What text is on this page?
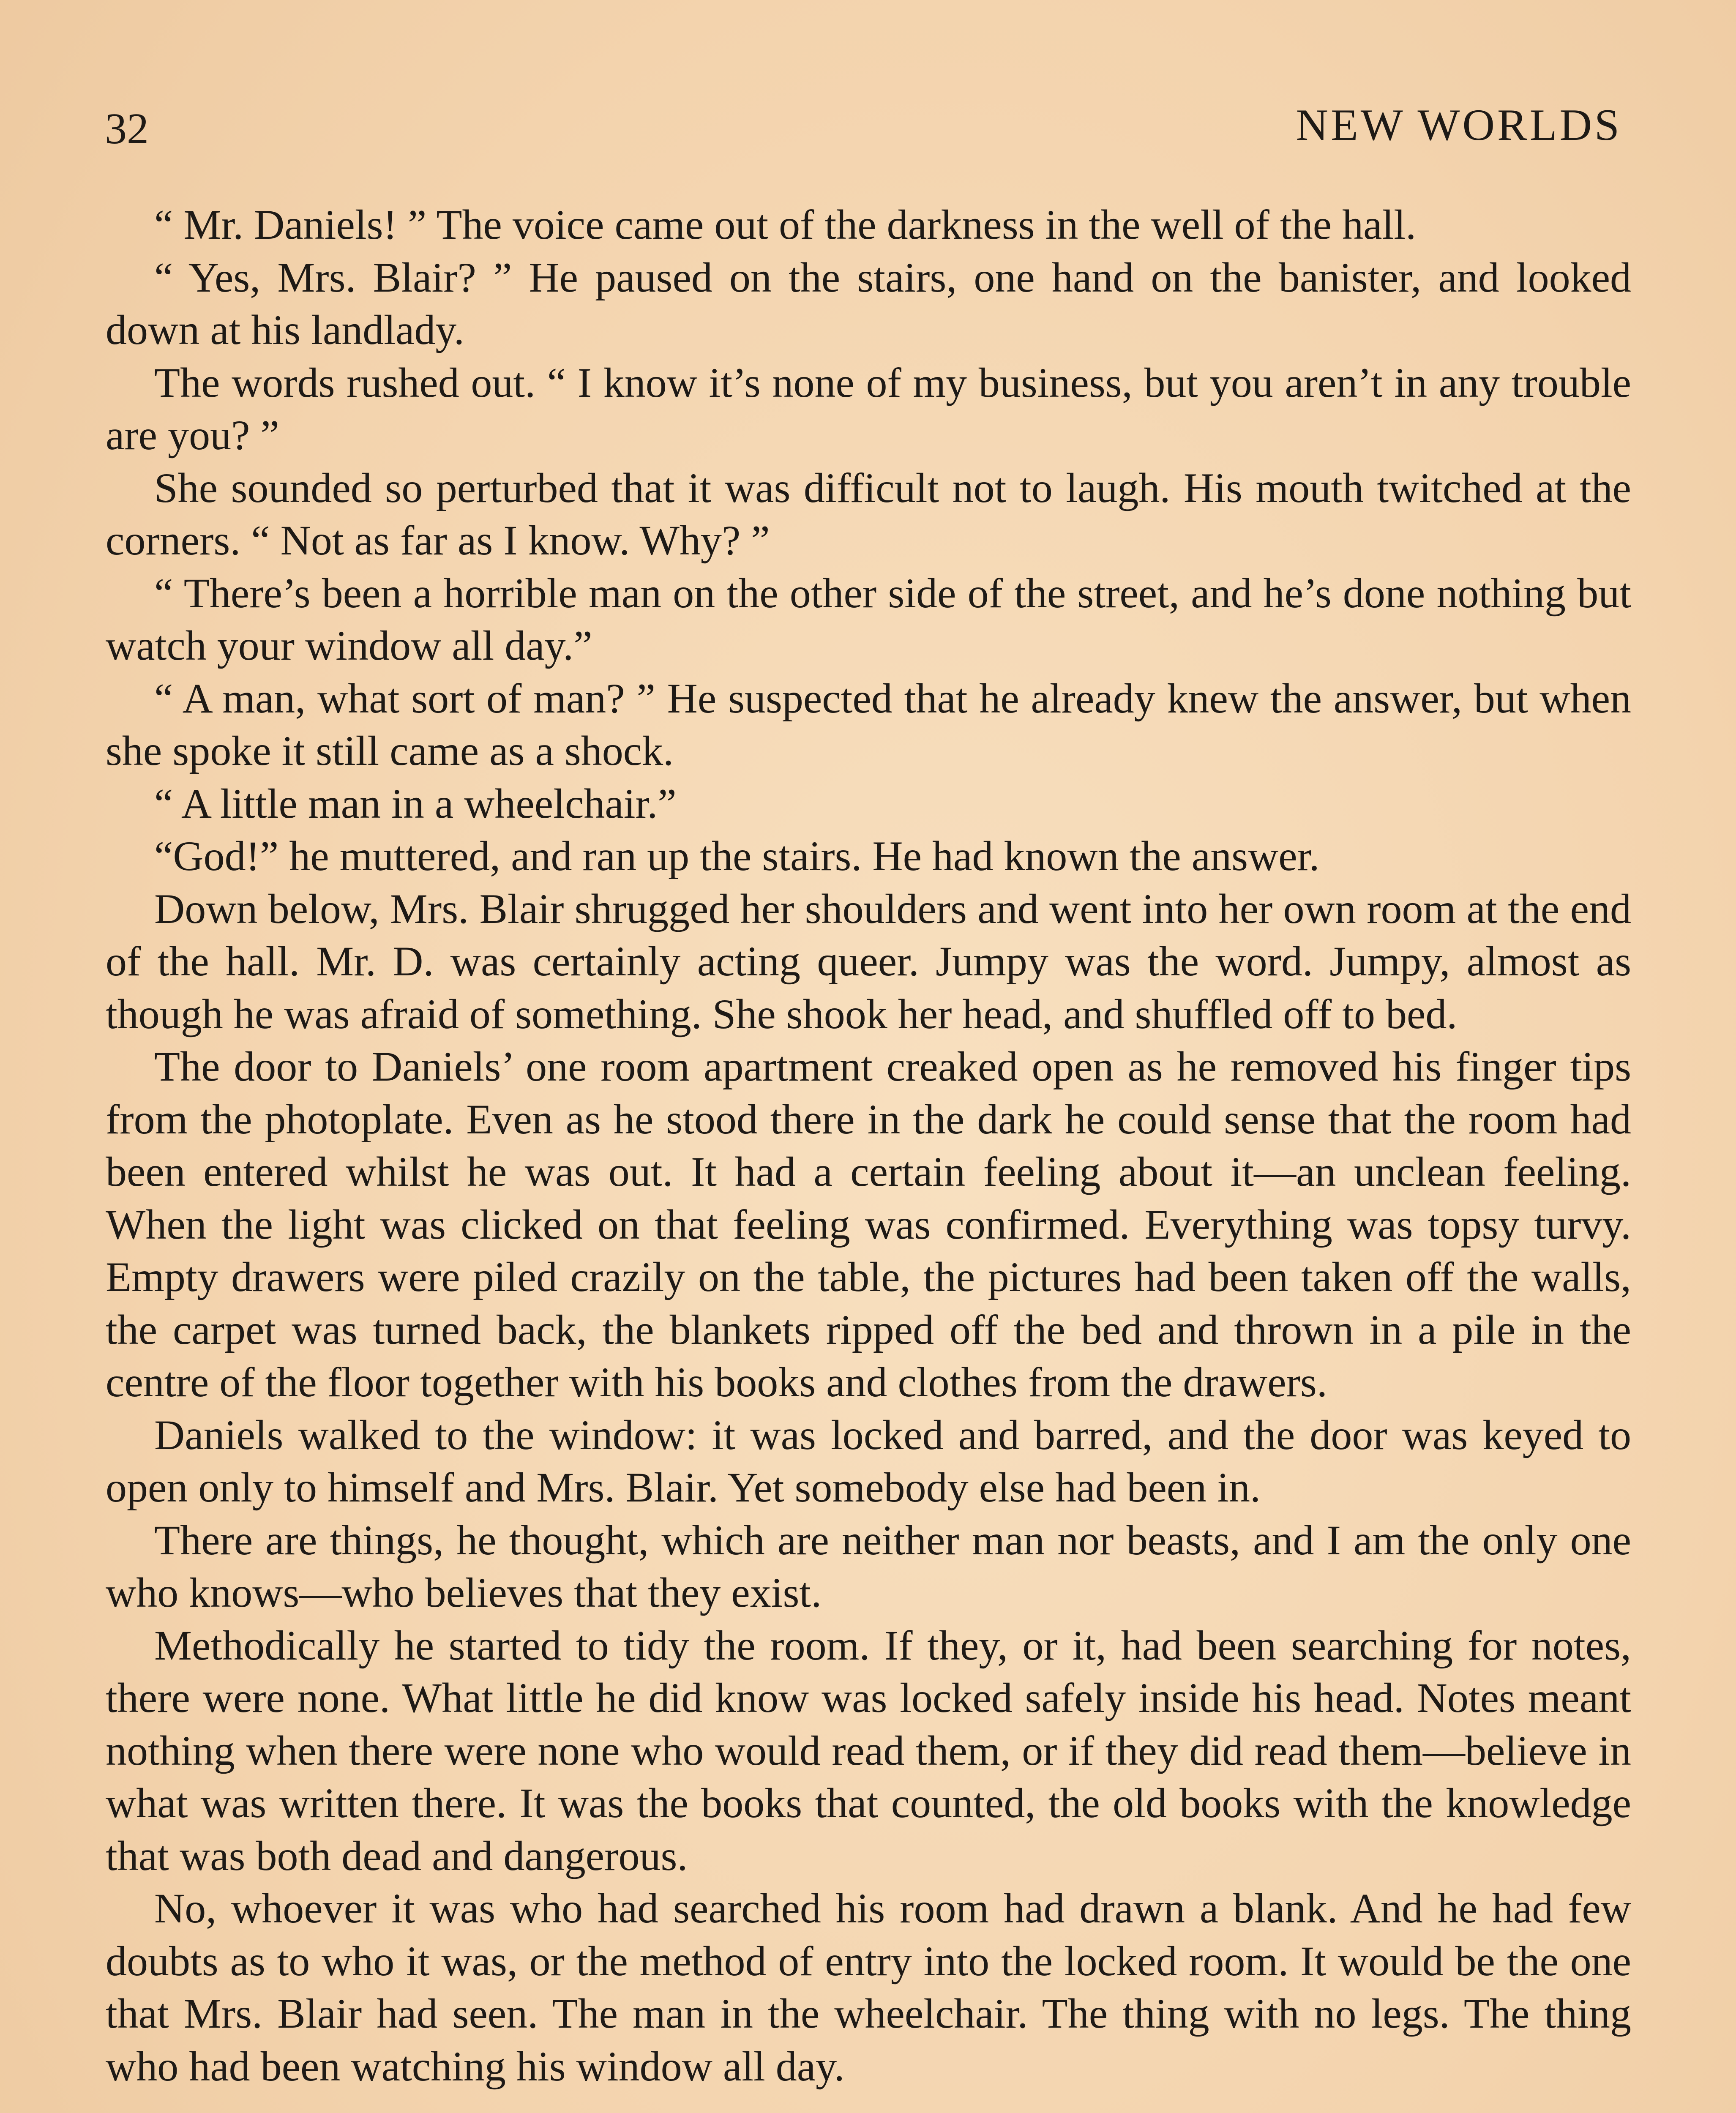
32	NEW WORLDS

“ Mr. Daniels! ” The voice came out of the darkness in the well of the hall.

“ Yes, Mrs. Blair? ” He paused on the stairs, one hand on the banister, and looked down at his landlady.

The words rushed out. “ I know it’s none of my business, but you aren’t in any trouble are you? ”

She sounded so perturbed that it was difficult not to laugh. His mouth twitched at the corners. “ Not as far as I know. Why? ”

“ There’s been a horrible man on the other side of the street, and he’s done nothing but watch your window all day.”

“ A man, what sort of man? ” He suspected that he already knew the answer, but when she spoke it still came as a shock.

“ A little man in a wheelchair.”

“God!” he muttered, and ran up the stairs. He had known the answer.

Down below, Mrs. Blair shrugged her shoulders and went into her own room at the end of the hall. Mr. D. was certainly acting queer. Jumpy was the word. Jumpy, almost as though he was afraid of something. She shook her head, and shuffled off to bed.

The door to Daniels’ one room apartment creaked open as he removed his finger tips from the photoplate. Even as he stood there in the dark he could sense that the room had been entered whilst he was out. It had a certain feeling about it—an unclean feeling. When the light was clicked on that feeling was confirmed. Everything was topsy turvy. Empty drawers were piled crazily on the table, the pictures had been taken off the walls, the carpet was turned back, the blankets ripped off the bed and thrown in a pile in the centre of the floor together with his books and clothes from the drawers.

Daniels walked to the window: it was locked and barred, and the door was keyed to open only to himself and Mrs. Blair. Yet somebody else had been in.

There are things, he thought, which are neither man nor beasts, and I am the only one who knows—who believes that they exist.

Methodically he started to tidy the room. If they, or it, had been searching for notes, there were none. What little he did know was locked safely inside his head. Notes meant nothing when there were none who would read them, or if they did read them—believe in what was written there. It was the books that counted, the old books with the knowledge that was both dead and dangerous.

No, whoever it was who had searched his room had drawn a blank. And he had few doubts as to who it was, or the method of entry into the locked room. It would be the one that Mrs. Blair had seen. The man in the wheelchair. The thing with no legs. The thing who had been watching his window all day.
